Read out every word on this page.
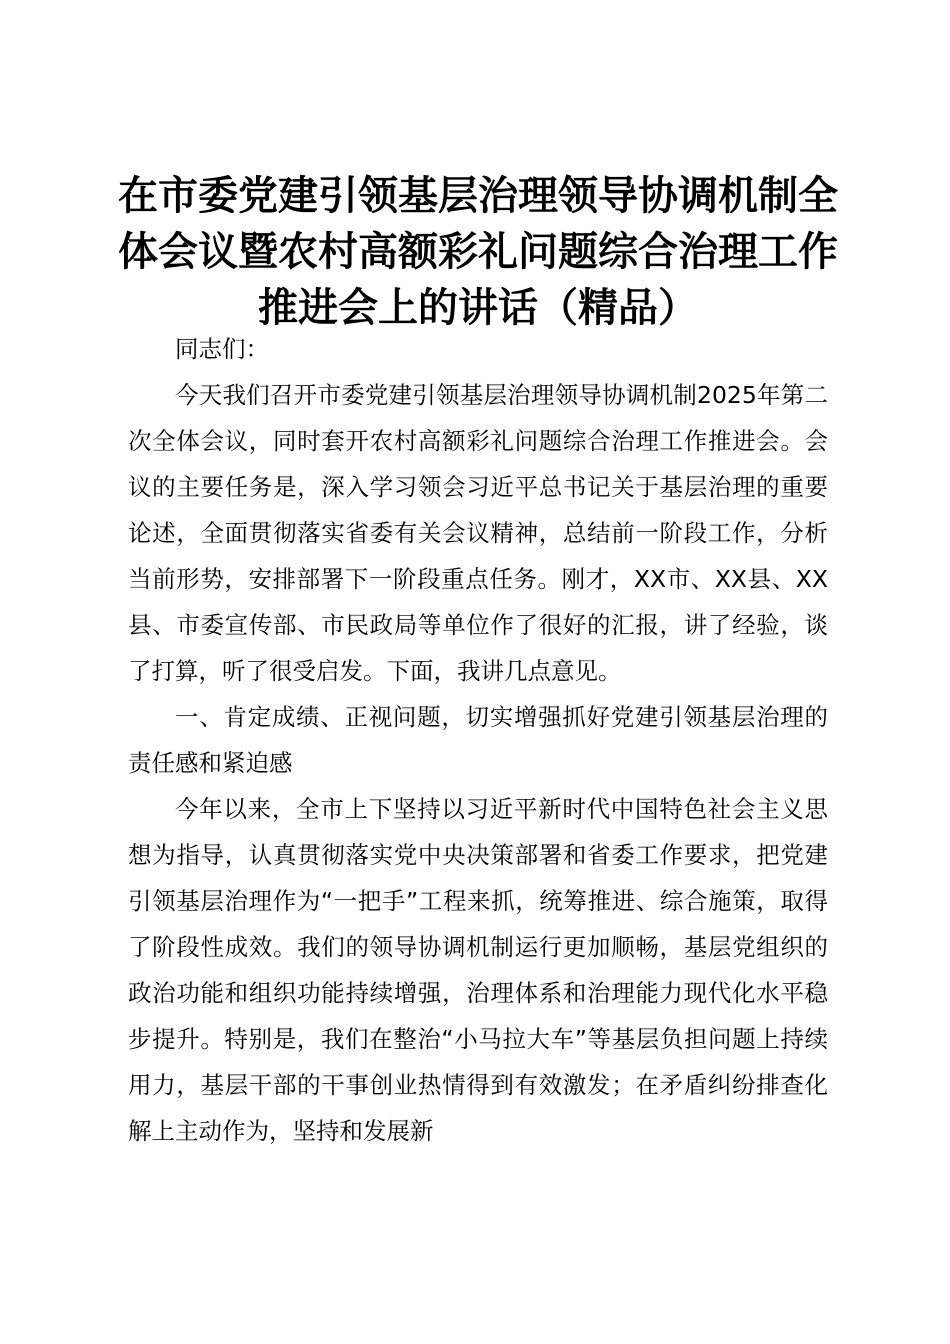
在市委党建引领基层治理领导协调机制全体会议暨农村高额彩礼问题综合治理工作推进会上的讲话（精品）

同志们：

今天我们召开市委党建引领基层治理领导协调机制2025年第二次全体会议，同时套开农村高额彩礼问题综合治理工作推进会。会议的主要任务是，深入学习领会习近平总书记关于基层治理的重要论述，全面贯彻落实省委有关会议精神，总结前一阶段工作，分析当前形势，安排部署下一阶段重点任务。刚才，XX市、XX县、XX县、市委宣传部、市民政局等单位作了很好的汇报，讲了经验，谈了打算，听了很受启发。下面，我讲几点意见。

一、肯定成绩、正视问题，切实增强抓好党建引领基层治理的责任感和紧迫感

今年以来，全市上下坚持以习近平新时代中国特色社会主义思想为指导，认真贯彻落实党中央决策部署和省委工作要求，把党建引领基层治理作为“一把手”工程来抓，统筹推进、综合施策，取得了阶段性成效。我们的领导协调机制运行更加顺畅，基层党组织的政治功能和组织功能持续增强，治理体系和治理能力现代化水平稳步提升。特别是，我们在整治“小马拉大车”等基层负担问题上持续用力，基层干部的干事创业热情得到有效激发；在矛盾纠纷排查化解上主动作为，坚持和发展新
